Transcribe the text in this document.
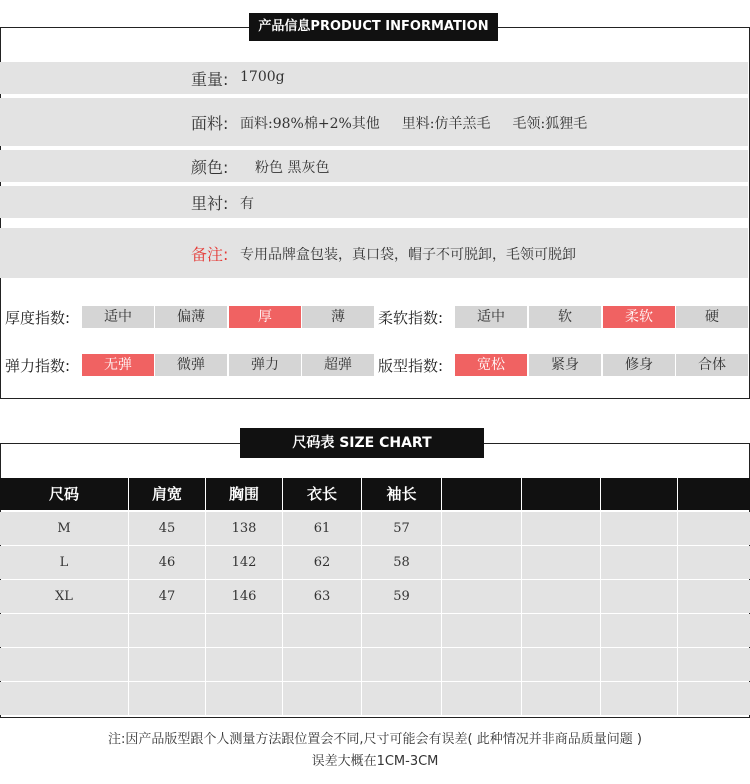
产品信息PRODUCT INFORMATION
重量: 1700g
面料: 面料:98%棉+2%其他 里料:仿羊羔毛 毛领:狐狸毛
颜色: 粉色 黑灰色
里衬: 有
备注: 专用品牌盒包装，真口袋，帽子不可脱卸，毛领可脱卸
厚度指数:	适中	偏薄	厚	薄	柔软指数:	适中	软	柔软	硬
弹力指数:	无弹	微弹	弹力	超弹	版型指数:	宽松	紧身	修身	合体
尺码表 SIZE CHART
尺码	肩宽	胸围	衣长	袖长
M	45	138	61	57
L	46	142	62	58
XL	47	146	63	59
注:因产品版型跟个人测量方法跟位置会不同,尺寸可能会有误差( 此种情况并非商品质量问题 )
误差大概在1CM-3CM
